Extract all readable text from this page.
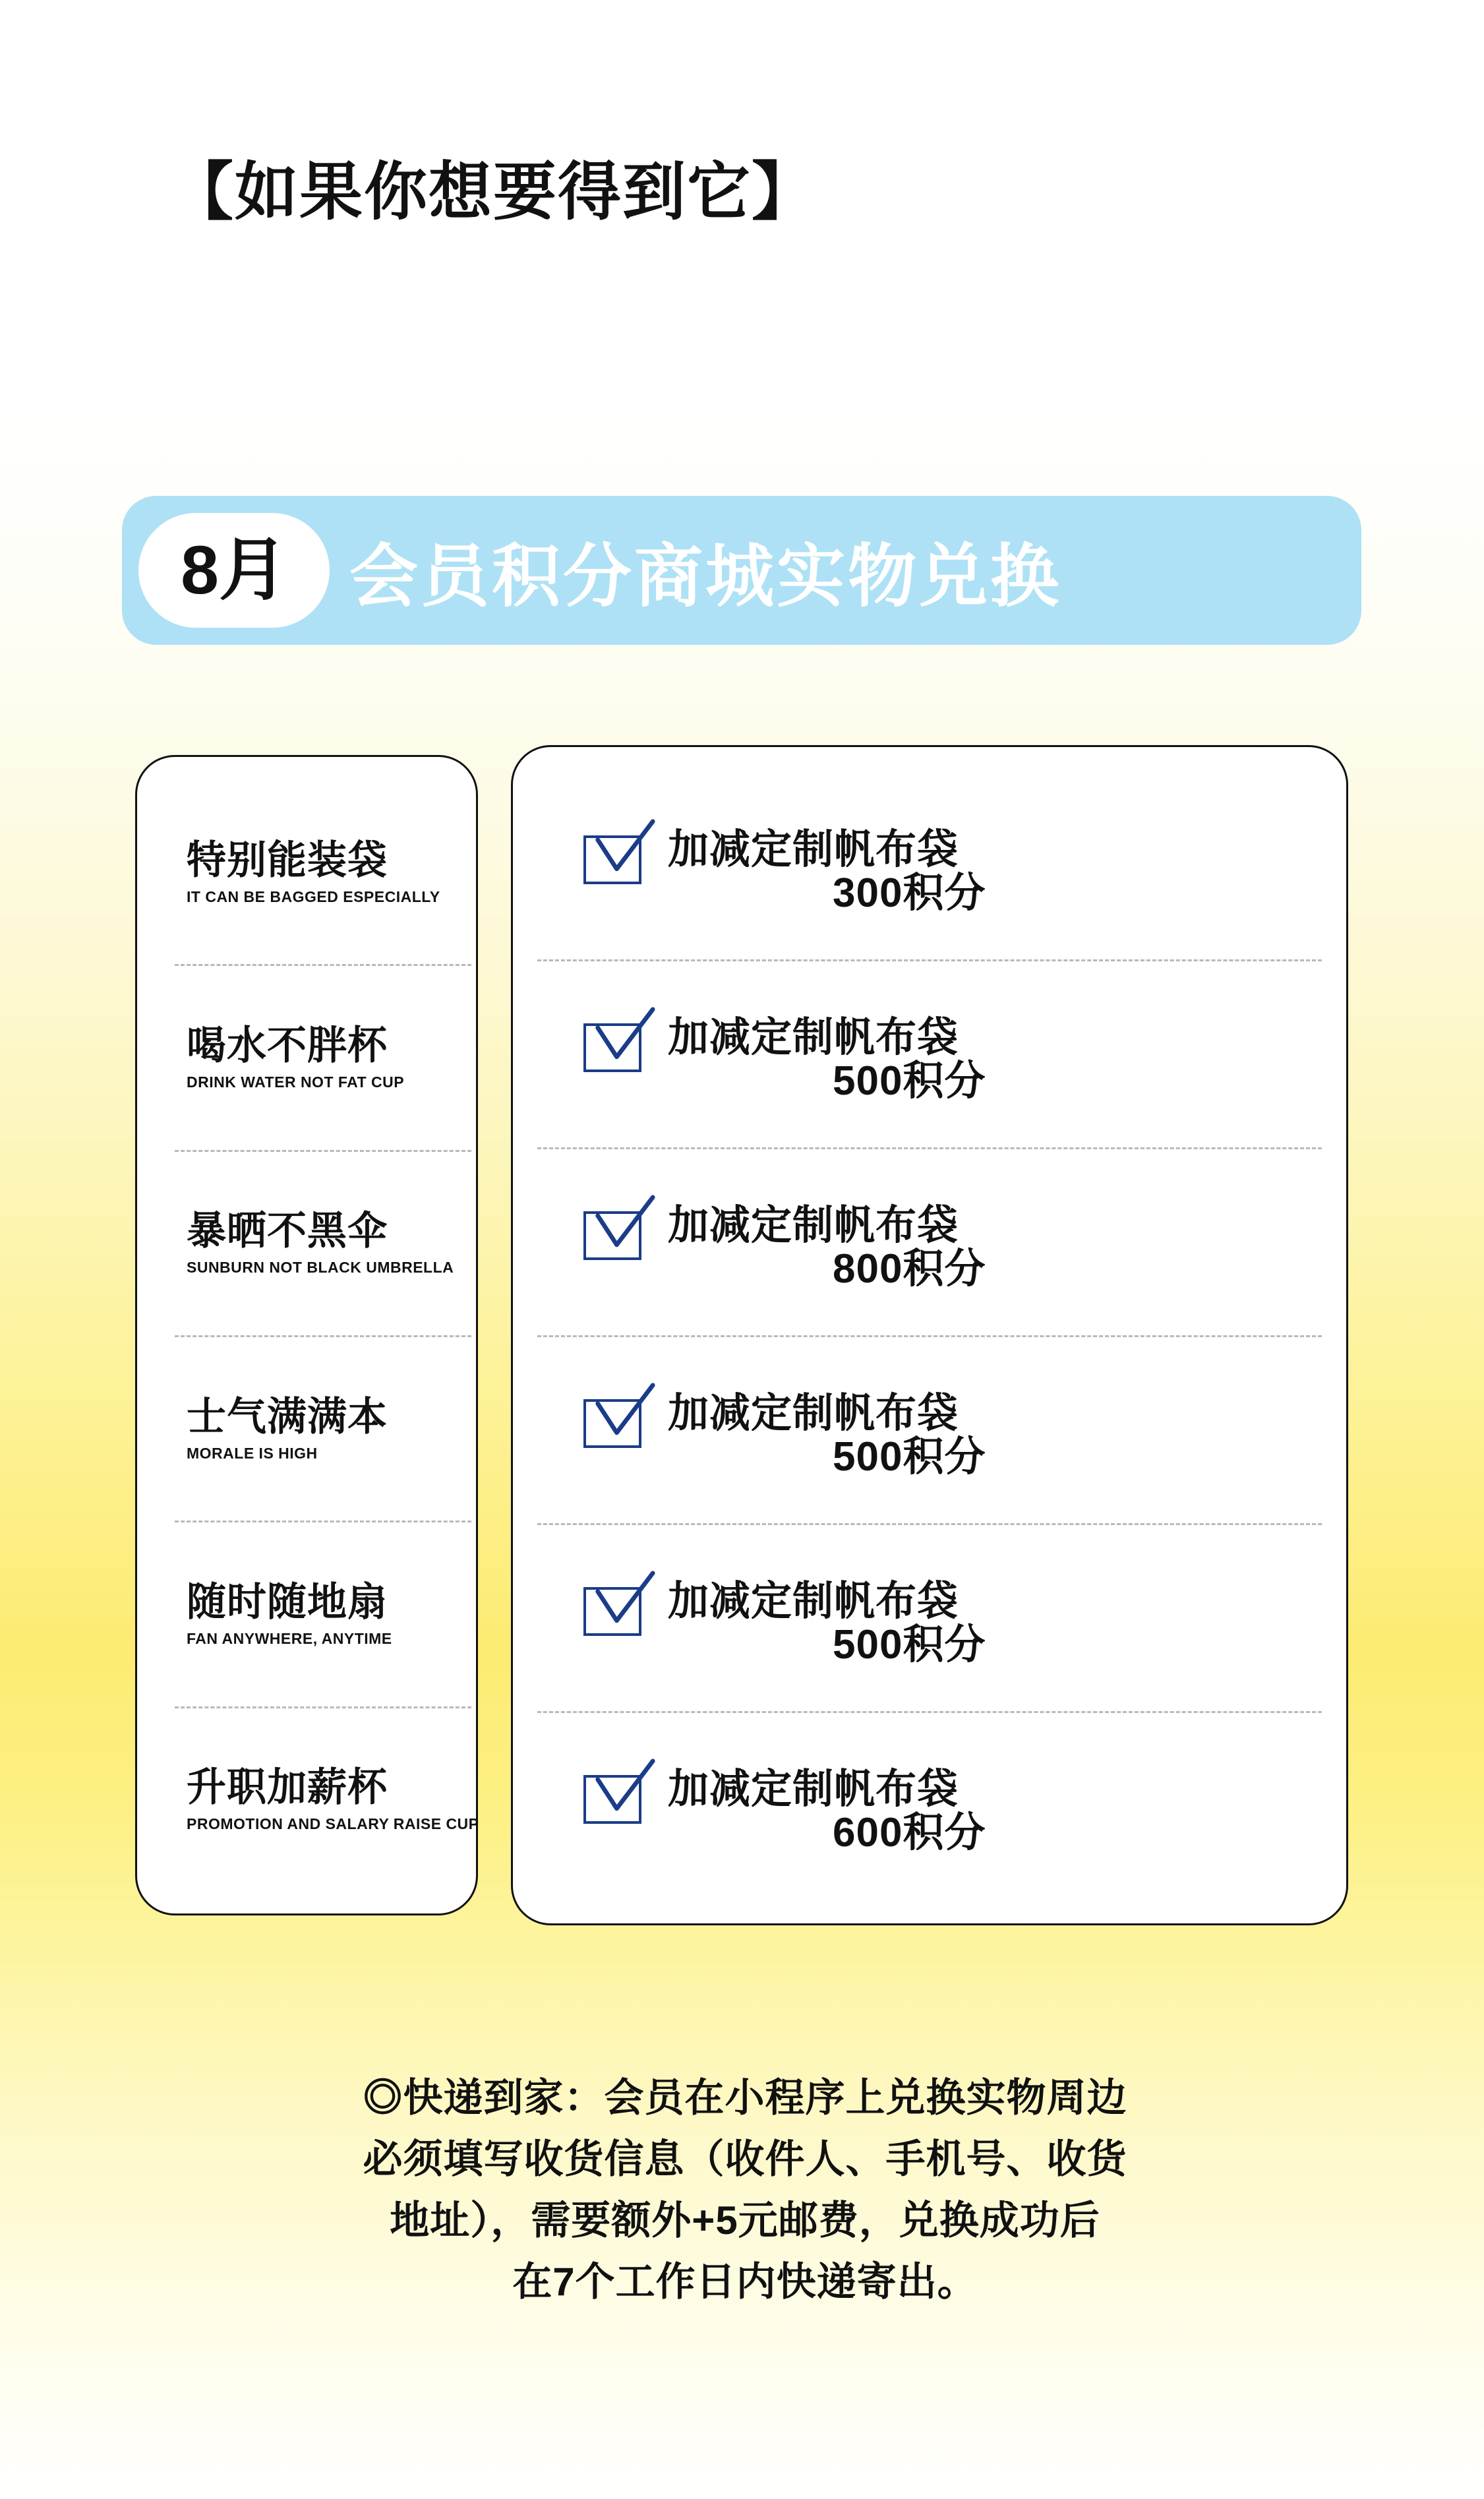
【如果你想要得到它】
8月 会员积分商城实物兑换
特别能装袋
IT CAN BE BAGGED ESPECIALLY
喝水不胖杯
DRINK WATER NOT FAT CUP
暴晒不黑伞
SUNBURN NOT BLACK UMBRELLA
士气满满本
MORALE IS HIGH
随时随地扇
FAN ANYWHERE, ANYTIME
升职加薪杯
PROMOTION AND SALARY RAISE CUP
加减定制帆布袋
300积分
加减定制帆布袋
500积分
加减定制帆布袋
800积分
加减定制帆布袋
500积分
加减定制帆布袋
500积分
加减定制帆布袋
600积分

◎快递到家：会员在小程序上兑换实物周边

必须填写收货信息（收件人、手机号、收货

地址），需要额外+5元邮费，兑换成功后

在7个工作日内快递寄出。
